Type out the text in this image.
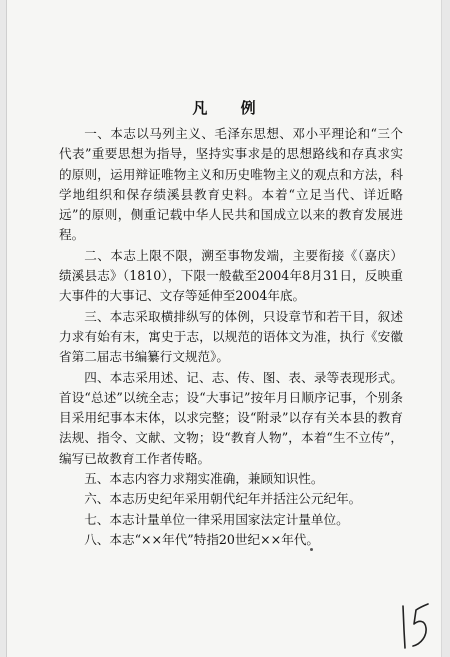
凡 例

一、本志以马列主义、毛泽东思想、邓小平理论和“三个代表”重要思想为指导，坚持实事求是的思想路线和存真求实的原则，运用辩证唯物主义和历史唯物主义的观点和方法，科学地组织和保存绩溪县教育史料。本着“立足当代、详近略远”的原则，侧重记载中华人民共和国成立以来的教育发展进程。

二、本志上限不限，溯至事物发端，主要衔接《（嘉庆）绩溪县志》（1810），下限一般截至2004年8月31日，反映重大事件的大事记、文存等延伸至2004年底。

三、本志采取横排纵写的体例，只设章节和若干目，叙述力求有始有末，寓史于志，以规范的语体文为准，执行《安徽省第二届志书编纂行文规范》。

四、本志采用述、记、志、传、图、表、录等表现形式。首设“总述”以统全志；设“大事记”按年月日顺序记事，个别条目采用纪事本末体，以求完整；设“附录”以存有关本县的教育法规、指令、文献、文物；设“教育人物”，本着“生不立传”，编写已故教育工作者传略。

五、本志内容力求翔实准确，兼顾知识性。

六、本志历史纪年采用朝代纪年并括注公元纪年。

七、本志计量单位一律采用国家法定计量单位。

八、本志“××年代”特指20世纪××年代。
